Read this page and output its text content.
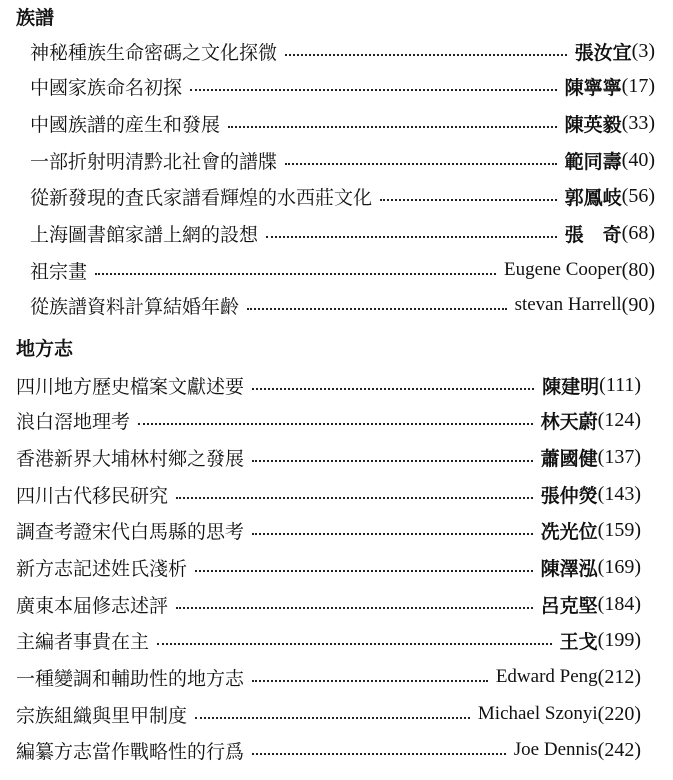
族譜
神秘種族生命密碼之文化探微	張汝宜 (3)
中國家族命名初探	陳寧寧 (17)
中國族譜的産生和發展	陳英毅 (33)
一部折射明清黔北社會的譜牒	範同壽 (40)
從新發現的査氏家譜看輝煌的水西莊文化	郭鳳岐 (56)
上海圖書館家譜上網的設想	張　奇 (68)
祖宗畫	Eugene Cooper (80)
從族譜資料計算結婚年齡	stevan Harrell (90)
地方志
四川地方歷史檔案文獻述要	陳建明 (111)
浪白滘地理考	林天蔚 (124)
香港新界大埔林村鄉之發展	蕭國健 (137)
四川古代移民研究	張仲熒 (143)
調查考證宋代白馬縣的思考	冼光位 (159)
新方志記述姓氏淺析	陳澤泓 (169)
廣東本届修志述評	呂克堅 (184)
主編者事貴在主	王戈 (199)
一種變調和輔助性的地方志	Edward Peng (212)
宗族組織與里甲制度	Michael Szonyi (220)
編纂方志當作戰略性的行爲	Joe Dennis (242)
